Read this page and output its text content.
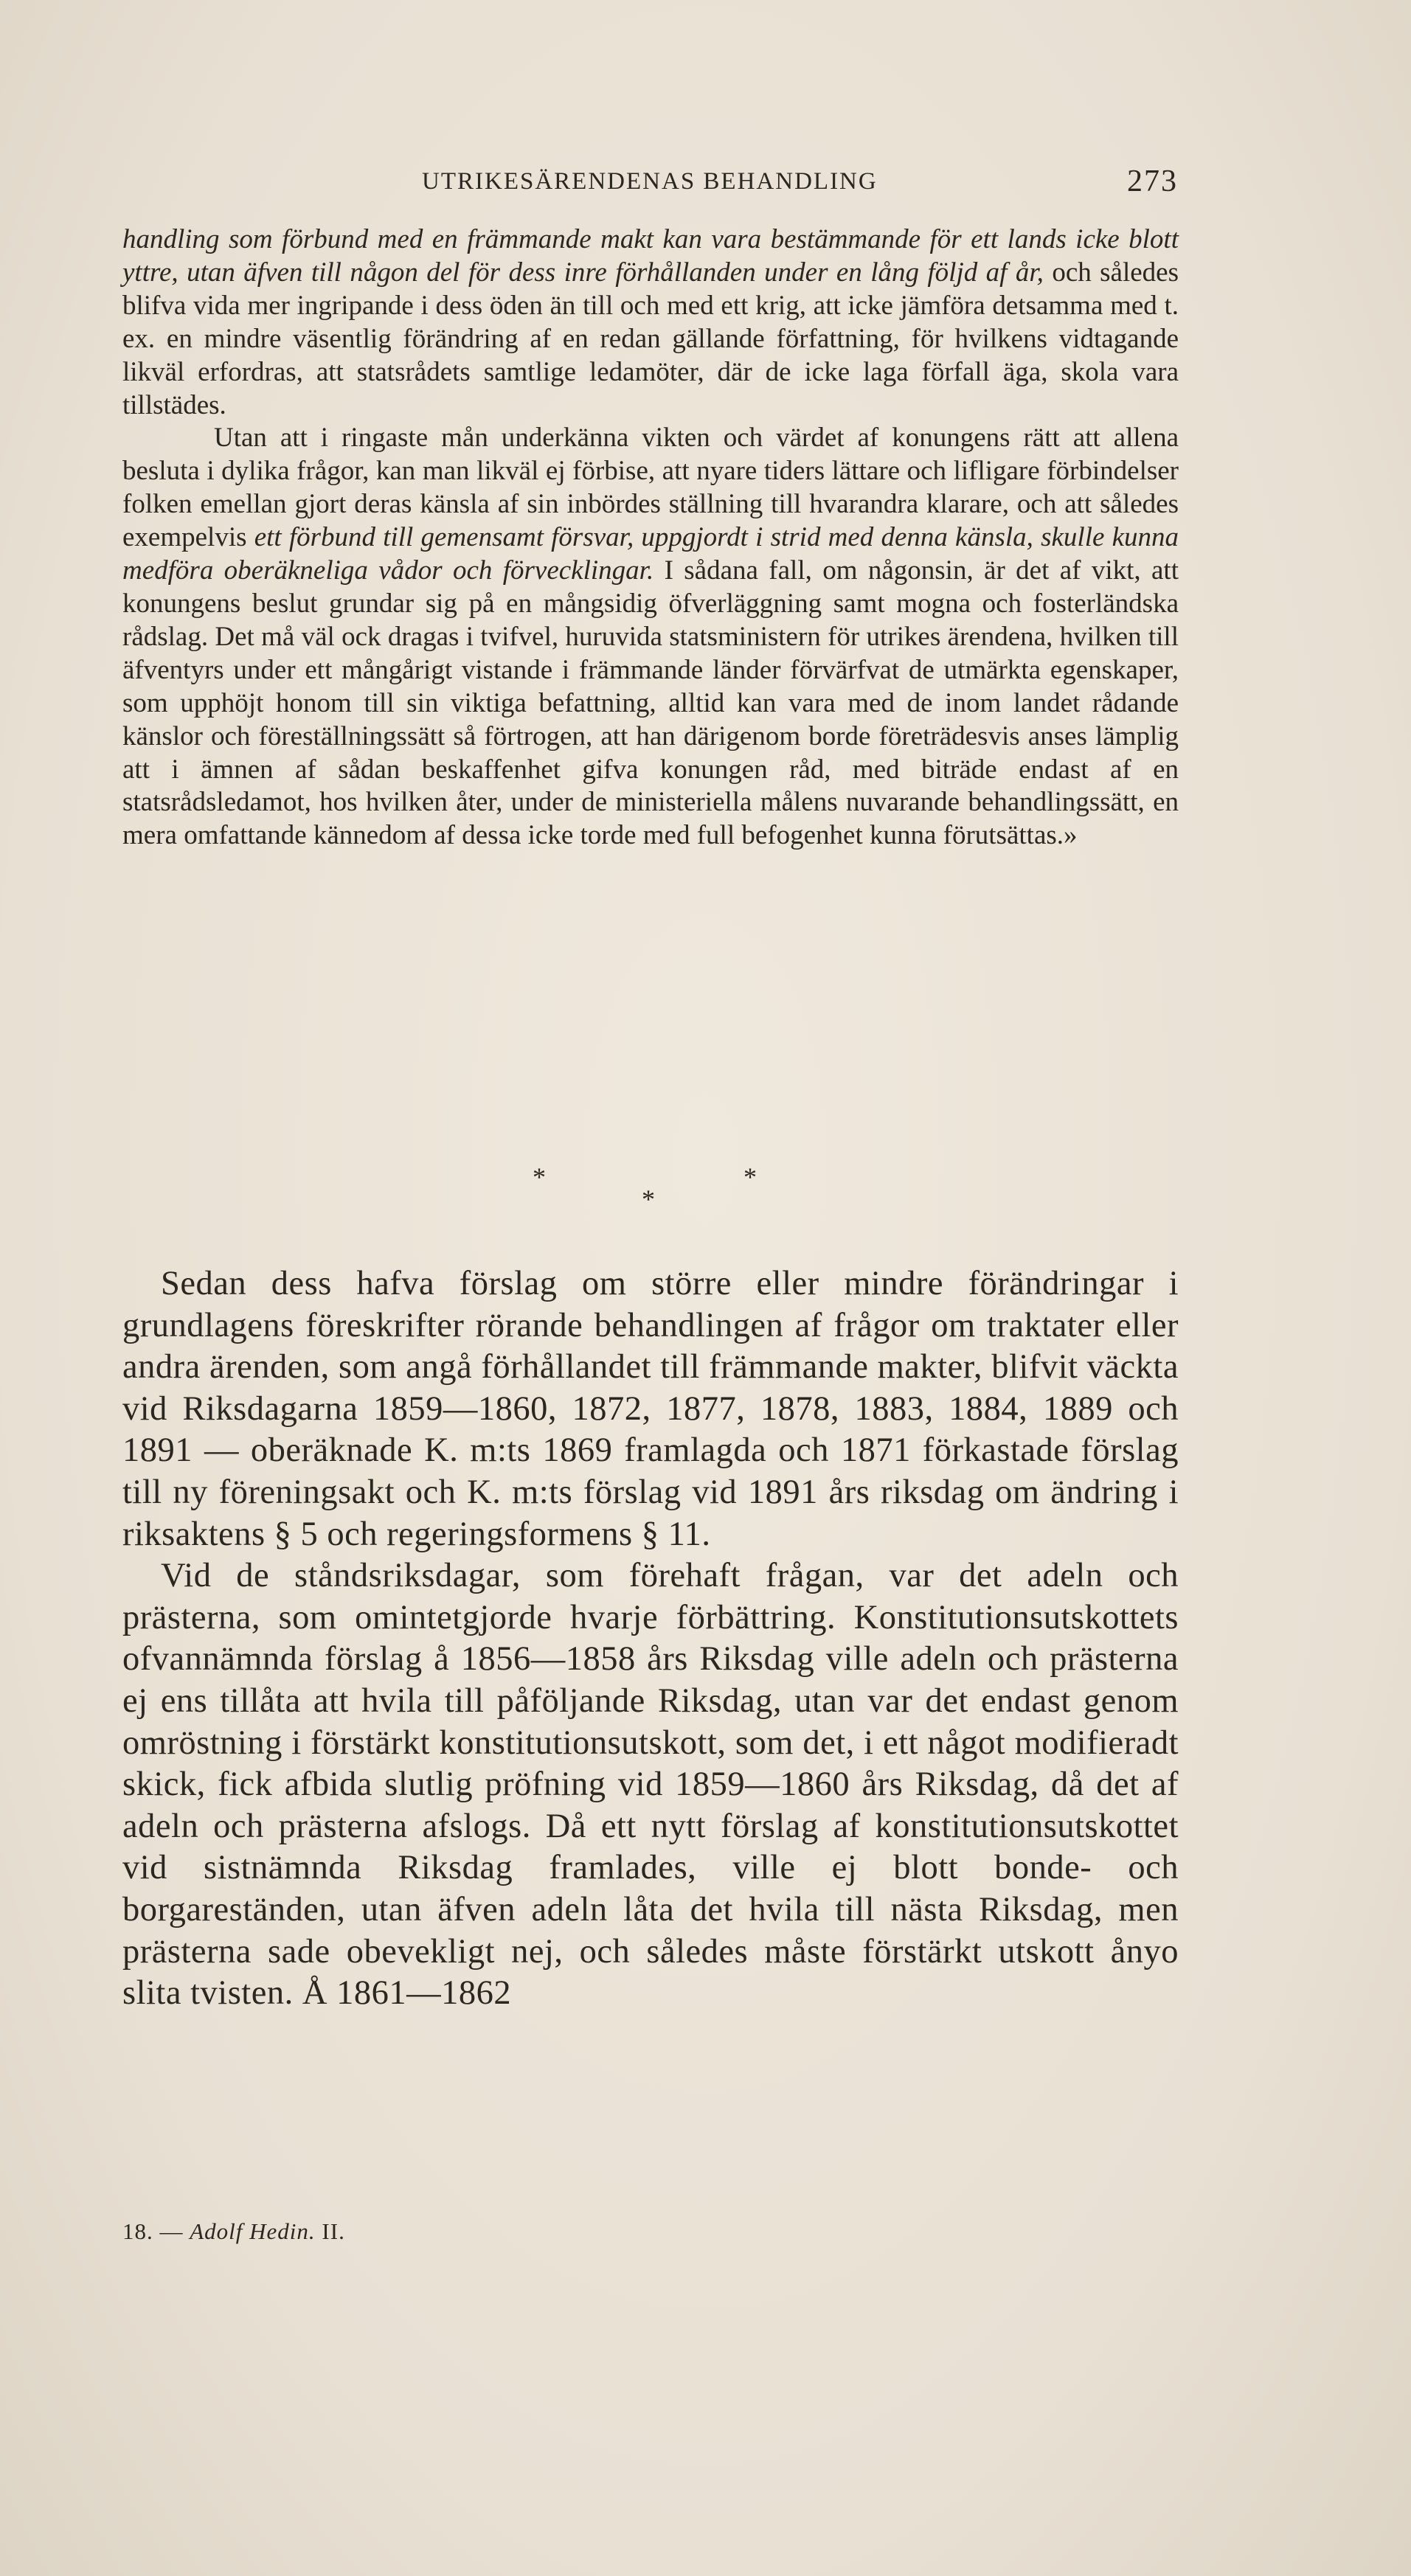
UTRIKESÄRENDENAS BEHANDLING	273

handling som förbund med en främmande makt kan vara bestämmande för ett lands icke blott yttre, utan äfven till någon del för dess inre förhållanden under en lång följd af år, och således blifva vida mer ingripande i dess öden än till och med ett krig, att icke jämföra detsamma med t. ex. en mindre väsentlig förändring af en redan gällande författning, för hvilkens vidtagande likväl erfordras, att statsrådets samtlige ledamöter, där de icke laga förfall äga, skola vara tillstädes.

Utan att i ringaste mån underkänna vikten och värdet af konungens rätt att allena besluta i dylika frågor, kan man likväl ej förbise, att nyare tiders lättare och lifligare förbindelser folken emellan gjort deras känsla af sin inbördes ställning till hvarandra klarare, och att således exempelvis ett förbund till gemensamt försvar, uppgjordt i strid med denna känsla, skulle kunna medföra oberäkneliga vådor och förvecklingar. I sådana fall, om någonsin, är det af vikt, att konungens beslut grundar sig på en mångsidig öfverläggning samt mogna och fosterländska rådslag. Det må väl ock dragas i tvifvel, huruvida statsministern för utrikes ärendena, hvilken till äfventyrs under ett mångårigt vistande i främmande länder förvärfvat de utmärkta egenskaper, som upphöjt honom till sin viktiga befattning, alltid kan vara med de inom landet rådande känslor och föreställningssätt så förtrogen, att han därigenom borde företrädesvis anses lämplig att i ämnen af sådan beskaffenhet gifva konungen råd, med biträde endast af en statsrådsledamot, hos hvilken åter, under de ministeriella målens nuvarande behandlingssätt, en mera omfattande kännedom af dessa icke torde med full befogenhet kunna förutsättas.»

*
*
*

Sedan dess hafva förslag om större eller mindre förändringar i grundlagens föreskrifter rörande behandlingen af frågor om traktater eller andra ärenden, som angå förhållandet till främmande makter, blifvit väckta vid Riksdagarna 1859—1860, 1872, 1877, 1878, 1883, 1884, 1889 och 1891 — oberäknade K. m:ts 1869 framlagda och 1871 förkastade förslag till ny föreningsakt och K. m:ts förslag vid 1891 års riksdag om ändring i riksaktens § 5 och regeringsformens § 11.

Vid de ståndsriksdagar, som förehaft frågan, var det adeln och prästerna, som omintetgjorde hvarje förbättring. Konstitutionsutskottets ofvannämnda förslag å 1856—1858 års Riksdag ville adeln och prästerna ej ens tillåta att hvila till påföljande Riksdag, utan var det endast genom omröstning i förstärkt konstitutionsutskott, som det, i ett något modifieradt skick, fick afbida slutlig pröfning vid 1859—1860 års Riksdag, då det af adeln och prästerna afslogs. Då ett nytt förslag af konstitutionsutskottet vid sistnämnda Riksdag framlades, ville ej blott bonde- och borgareständen, utan äfven adeln låta det hvila till nästa Riksdag, men prästerna sade obevekligt nej, och således måste förstärkt utskott ånyo slita tvisten. Å 1861—1862

18. — Adolf Hedin. II.
